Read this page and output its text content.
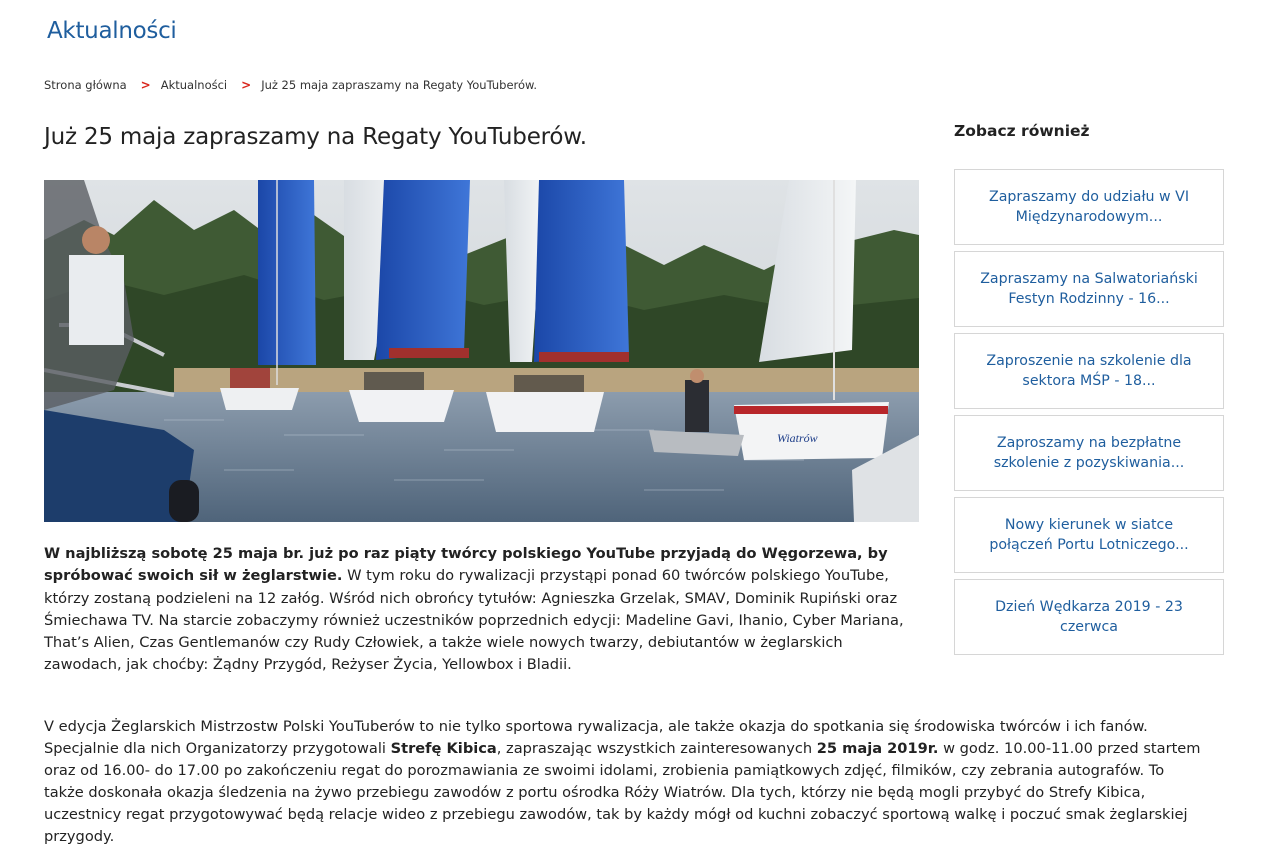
Aktualności
Strona główna > Aktualności > Już 25 maja zapraszamy na Regaty YouTuberów.
Już 25 maja zapraszamy na Regaty YouTuberów.
Wiatrów

W najbliższą sobotę 25 maja br. już po raz piąty twórcy polskiego YouTube przyjadą do Węgorzewa, by spróbować swoich sił w żeglarstwie. W tym roku do rywalizacji przystąpi ponad 60 twórców polskiego YouTube, którzy zostaną podzieleni na 12 załóg. Wśród nich obrońcy tytułów: Agnieszka Grzelak, SMAV, Dominik Rupiński oraz Śmiechawa TV. Na starcie zobaczymy również uczestników poprzednich edycji: Madeline Gavi, Ihanio, Cyber Mariana, That’s Alien, Czas Gentlemanów czy Rudy Człowiek, a także wiele nowych twarzy, debiutantów w żeglarskich zawodach, jak choćby: Żądny Przygód, Reżyser Życia, Yellowbox i Bladii.

V edycja Żeglarskich Mistrzostw Polski YouTuberów to nie tylko sportowa rywalizacja, ale także okazja do spotkania się środowiska twórców i ich fanów. Specjalnie dla nich Organizatorzy przygotowali Strefę Kibica, zapraszając wszystkich zainteresowanych 25 maja 2019r. w godz. 10.00-11.00 przed startem oraz od 16.00- do 17.00 po zakończeniu regat do porozmawiania ze swoimi idolami, zrobienia pamiątkowych zdjęć, filmików, czy zebrania autografów. To także doskonała okazja śledzenia na żywo przebiegu zawodów z portu ośrodka Róży Wiatrów. Dla tych, którzy nie będą mogli przybyć do Strefy Kibica, uczestnicy regat przygotowywać będą relacje wideo z przebiegu zawodów, tak by każdy mógł od kuchni zobaczyć sportową walkę i poczuć smak żeglarskiej przygody.

Zobacz również
Zapraszamy do udziału w VI Międzynarodowym...
Zapraszamy na Salwatoriański Festyn Rodzinny - 16...
Zaproszenie na szkolenie dla sektora MŚP - 18...
Zaproszamy na bezpłatne szkolenie z pozyskiwania...
Nowy kierunek w siatce połączeń Portu Lotniczego...
Dzień Wędkarza 2019 - 23 czerwca
